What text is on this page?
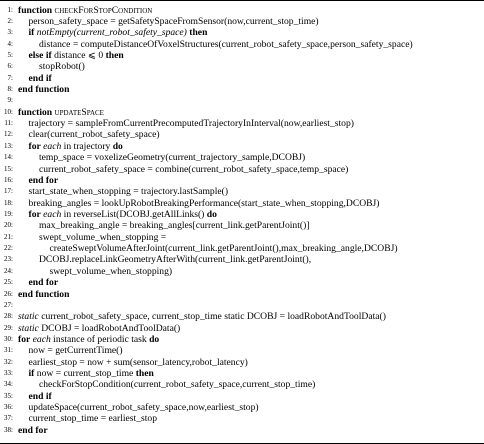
1: function checkForStopCondition
2: person_safety_space = getSafetySpaceFromSensor(now,current_stop_time)
3: if notEmpty(current_robot_safety_space) then
4:	distance = computeDistanceOfVoxelStructures(current_robot_safety_space,person_safety_space)
5: else if distance ⩽ 0 then
6:	stopRobot()
7: end if
8: end function
9:
10: function updateSpace
11: trajectory = sampleFromCurrentPrecomputedTrajectoryInInterval(now,earliest_stop)
12: clear(current_robot_safety_space)
13: for each in trajectory do
14:	temp_space = voxelizeGeometry(current_trajectory_sample,DCOBJ)
15:	current_robot_safety_space = combine(current_robot_safety_space,temp_space)
16: end for
17: start_state_when_stopping = trajectory.lastSample()
18: breaking_angles = lookUpRobotBreakingPerformance(start_state_when_stopping,DCOBJ)
19: for each in reverseList(DCOBJ.getAllLinks() do
20:	max_breaking_angle = breaking_angles[current_link.getParentJoint()]
21:	swept_volume_when_stopping =
22:	createSweptVolumeAfterJoint(current_link.getParentJoint(),max_breaking_angle,DCOBJ)
23:	DCOBJ.replaceLinkGeometryAfterWith(current_link.getParentJoint(),
24:	swept_volume_when_stopping)
25: end for
26: end function
27:
28: static current_robot_safety_space, current_stop_time static DCOBJ = loadRobotAndToolData()
29: static DCOBJ = loadRobotAndToolData()
30: for each instance of periodic task do
31: now = getCurrentTime()
32: earliest_stop = now + sum(sensor_latency,robot_latency)
33: if now = current_stop_time then
34:	checkForStopCondition(current_robot_safety_space,current_stop_time)
35: end if
36: updateSpace(current_robot_safety_space,now,earliest_stop)
37: current_stop_time = earliest_stop
38: end for
